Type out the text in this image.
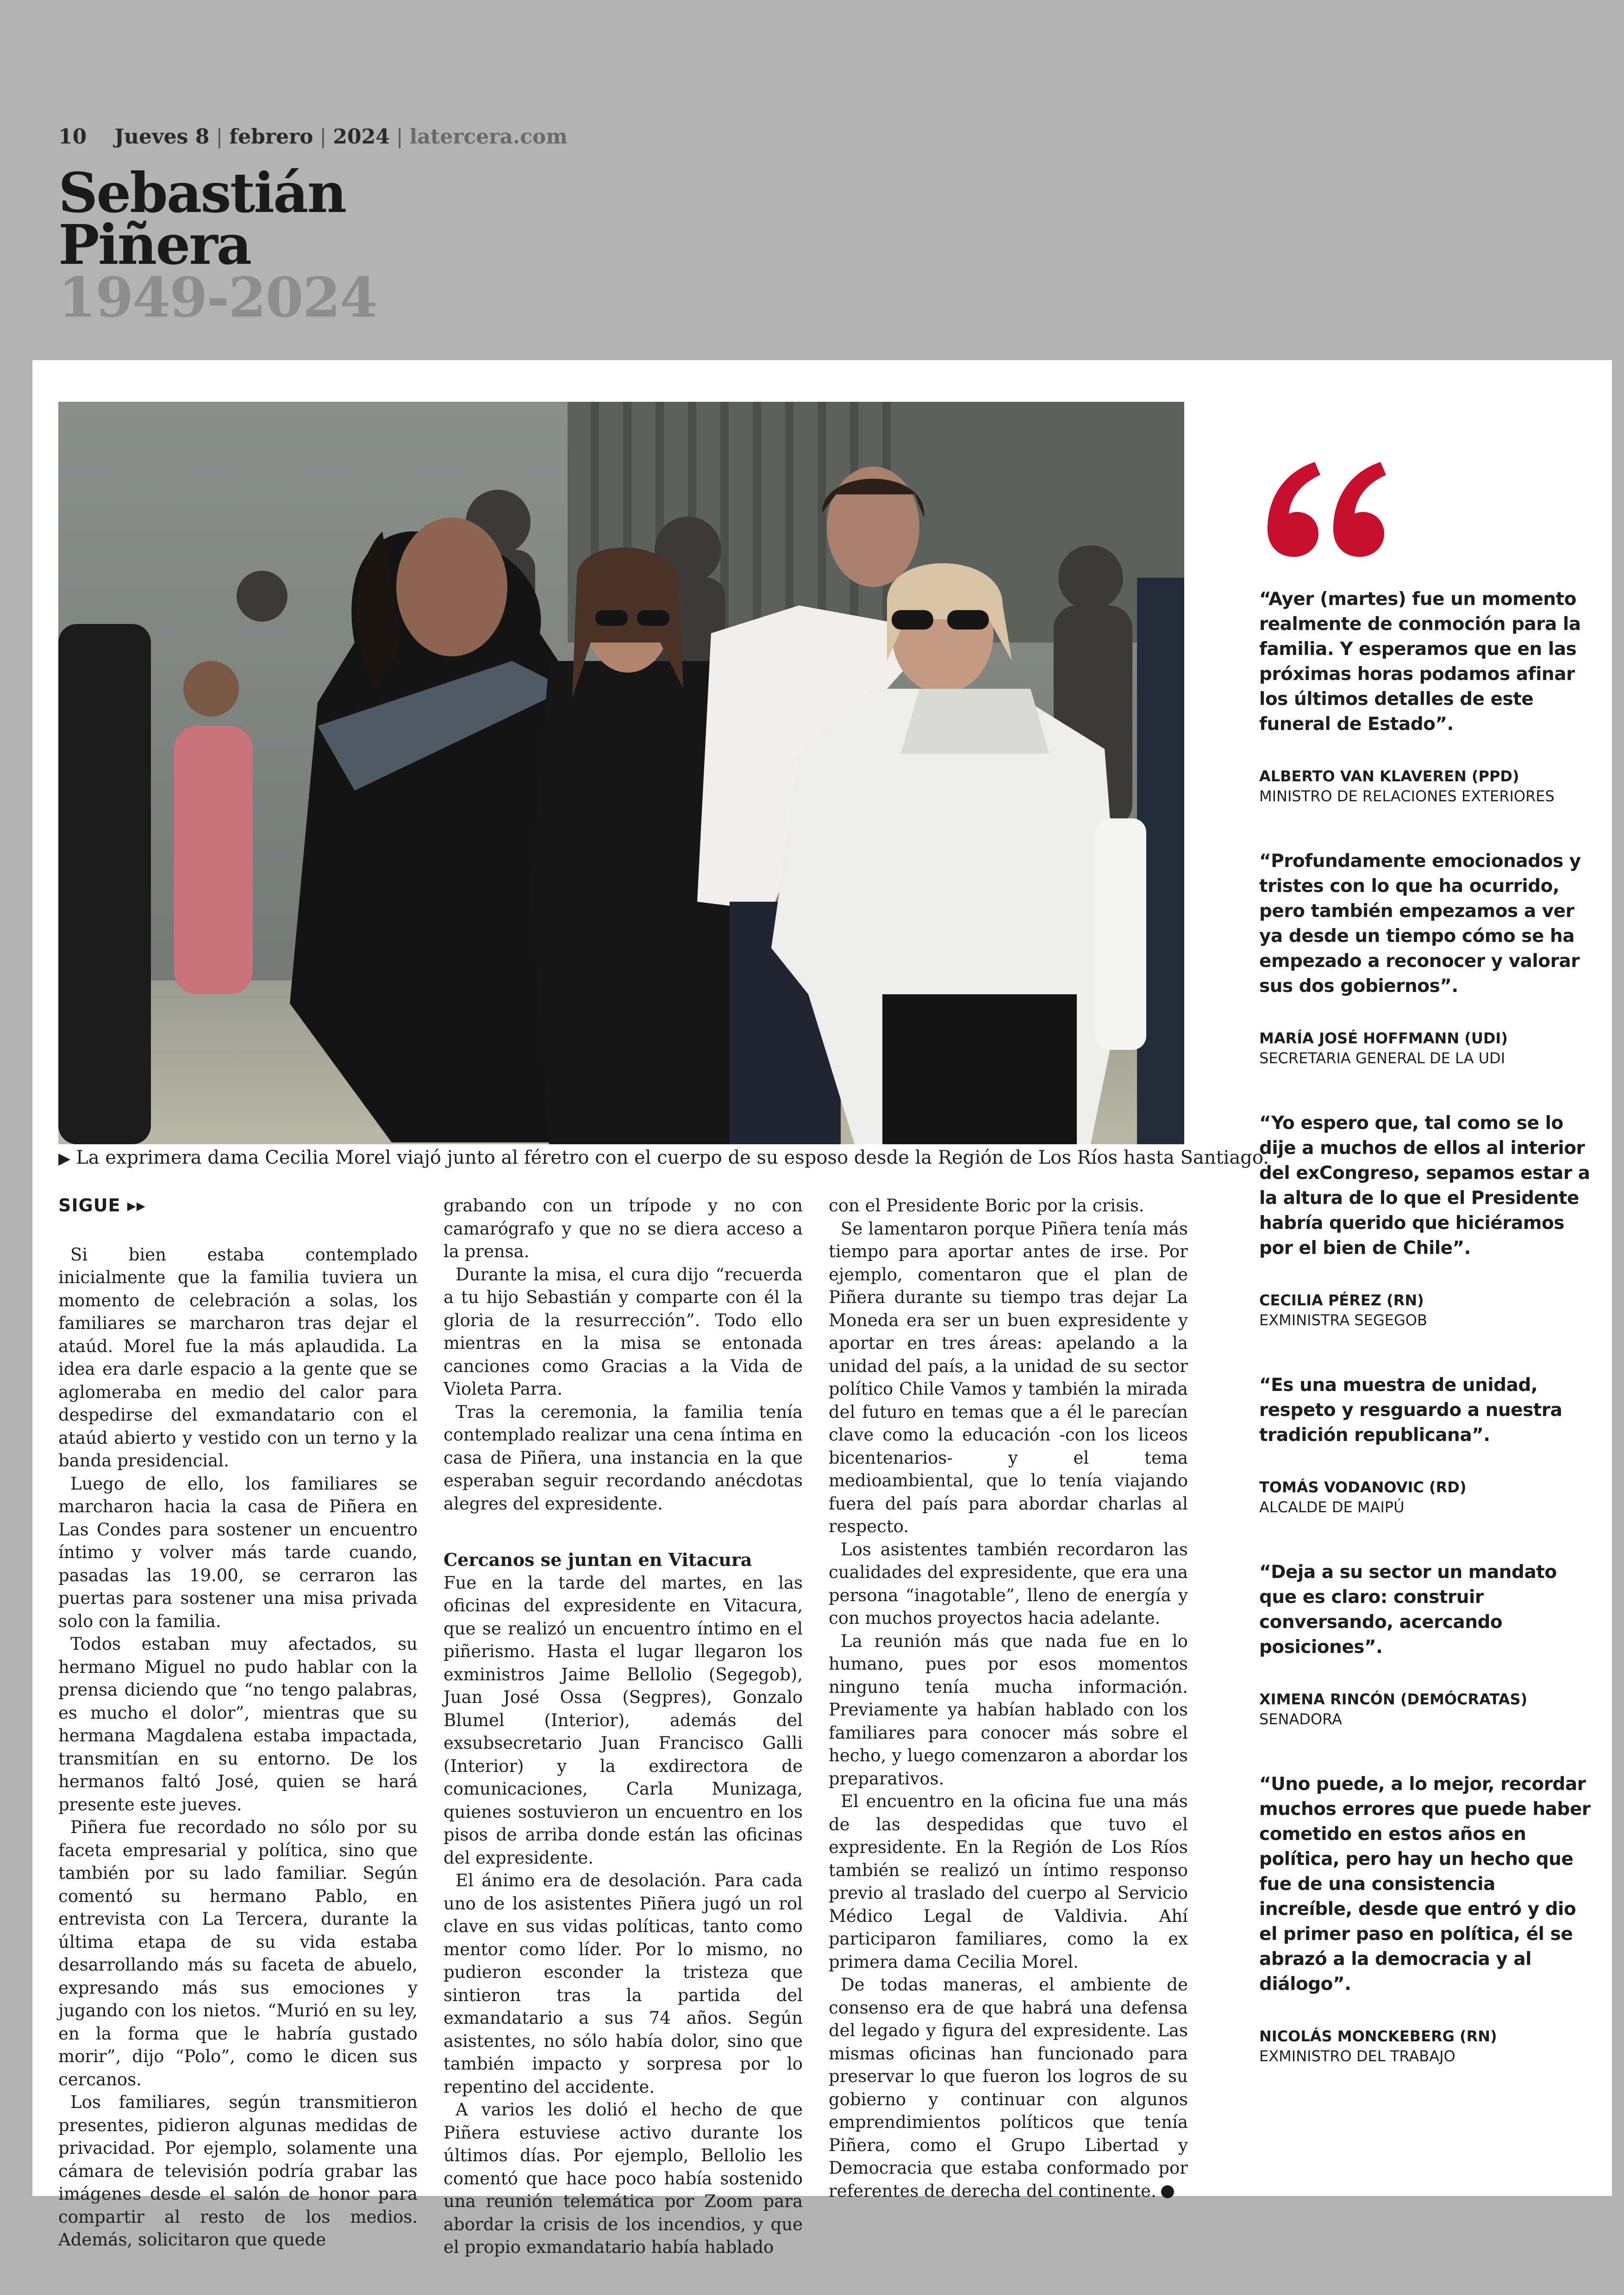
10 Jueves 8 | febrero | 2024 | latercera.com
Sebastián
Piñera
1949-2024
▶ La exprimera dama Cecilia Morel viajó junto al féretro con el cuerpo de su esposo desde la Región de Los Ríos hasta Santiago.
SIGUE ▸▸

Si bien estaba contemplado inicialmente que la familia tuviera un momento de celebración a solas, los familiares se marcharon tras dejar el ataúd. Morel fue la más aplaudida. La idea era darle espacio a la gente que se aglomeraba en medio del calor para despedirse del exmandatario con el ataúd abierto y vestido con un terno y la banda presidencial.

Luego de ello, los familiares se marcharon hacia la casa de Piñera en Las Condes para sostener un encuentro íntimo y volver más tarde cuando, pasadas las 19.00, se cerraron las puertas para sostener una misa privada solo con la familia.

Todos estaban muy afectados, su hermano Miguel no pudo hablar con la prensa diciendo que “no tengo palabras, es mucho el dolor”, mientras que su hermana Magdalena estaba impactada, transmitían en su entorno. De los hermanos faltó José, quien se hará presente este jueves.

Piñera fue recordado no sólo por su faceta empresarial y política, sino que también por su lado familiar. Según comentó su hermano Pablo, en entrevista con La Tercera, durante la última etapa de su vida estaba desarrollando más su faceta de abuelo, expresando más sus emociones y jugando con los nietos. “Murió en su ley, en la forma que le habría gustado morir”, dijo “Polo”, como le dicen sus cercanos.

Los familiares, según transmitieron presentes, pidieron algunas medidas de privacidad. Por ejemplo, solamente una cámara de televisión podría grabar las imágenes desde el salón de honor para compartir al resto de los medios. Además, solicitaron que quede

grabando con un trípode y no con camarógrafo y que no se diera acceso a la prensa.

Durante la misa, el cura dijo “recuerda a tu hijo Sebastián y comparte con él la gloria de la resurrección”. Todo ello mientras en la misa se entonada canciones como Gracias a la Vida de Violeta Parra.

Tras la ceremonia, la familia tenía contemplado realizar una cena íntima en casa de Piñera, una instancia en la que esperaban seguir recordando anécdotas alegres del expresidente.

Cercanos se juntan en Vitacura

Fue en la tarde del martes, en las oficinas del expresidente en Vitacura, que se realizó un encuentro íntimo en el piñerismo. Hasta el lugar llegaron los exministros Jaime Bellolio (Segegob), Juan José Ossa (Segpres), Gonzalo Blumel (Interior), además del exsubsecretario Juan Francisco Galli (Interior) y la exdirectora de comunicaciones, Carla Munizaga, quienes sostuvieron un encuentro en los pisos de arriba donde están las oficinas del expresidente.

El ánimo era de desolación. Para cada uno de los asistentes Piñera jugó un rol clave en sus vidas políticas, tanto como mentor como líder. Por lo mismo, no pudieron esconder la tristeza que sintieron tras la partida del exmandatario a sus 74 años. Según asistentes, no sólo había dolor, sino que también impacto y sorpresa por lo repentino del accidente.

A varios les dolió el hecho de que Piñera estuviese activo durante los últimos días. Por ejemplo, Bellolio les comentó que hace poco había sostenido una reunión telemática por Zoom para abordar la crisis de los incendios, y que el propio exmandatario había hablado

con el Presidente Boric por la crisis.

Se lamentaron porque Piñera tenía más tiempo para aportar antes de irse. Por ejemplo, comentaron que el plan de Piñera durante su tiempo tras dejar La Moneda era ser un buen expresidente y aportar en tres áreas: apelando a la unidad del país, a la unidad de su sector político Chile Vamos y también la mirada del futuro en temas que a él le parecían clave como la educación -con los liceos bicentenarios- y el tema medioambiental, que lo tenía viajando fuera del país para abordar charlas al respecto.

Los asistentes también recordaron las cualidades del expresidente, que era una persona “inagotable”, lleno de energía y con muchos proyectos hacia adelante.

La reunión más que nada fue en lo humano, pues por esos momentos ninguno tenía mucha información. Previamente ya habían hablado con los familiares para conocer más sobre el hecho, y luego comenzaron a abordar los preparativos.

El encuentro en la oficina fue una más de las despedidas que tuvo el expresidente. En la Región de Los Ríos también se realizó un íntimo responso previo al traslado del cuerpo al Servicio Médico Legal de Valdivia. Ahí participaron familiares, como la ex primera dama Cecilia Morel.

De todas maneras, el ambiente de consenso era de que habrá una defensa del legado y figura del expresidente. Las mismas oficinas han funcionado para preservar lo que fueron los logros de su gobierno y continuar con algunos emprendimientos políticos que tenía Piñera, como el Grupo Libertad y Democracia que estaba conformado por referentes de derecha del continente.

“Ayer (martes) fue un momento realmente de conmoción para la familia. Y esperamos que en las próximas horas podamos afinar los últimos detalles de este funeral de Estado”.
ALBERTO VAN KLAVEREN (PPD)
MINISTRO DE RELACIONES EXTERIORES
“Profundamente emocionados y tristes con lo que ha ocurrido, pero también empezamos a ver ya desde un tiempo cómo se ha empezado a reconocer y valorar sus dos gobiernos”.
MARÍA JOSÉ HOFFMANN (UDI)
SECRETARIA GENERAL DE LA UDI
“Yo espero que, tal como se lo dije a muchos de ellos al interior del exCongreso, sepamos estar a la altura de lo que el Presidente habría querido que hiciéramos por el bien de Chile”.
CECILIA PÉREZ (RN)
EXMINISTRA SEGEGOB
“Es una muestra de unidad, respeto y resguardo a nuestra tradición republicana”.
TOMÁS VODANOVIC (RD)
ALCALDE DE MAIPÚ
“Deja a su sector un mandato que es claro: construir conversando, acercando posiciones”.
XIMENA RINCÓN (DEMÓCRATAS)
SENADORA
“Uno puede, a lo mejor, recordar muchos errores que puede haber cometido en estos años en política, pero hay un hecho que fue de una consistencia increíble, desde que entró y dio el primer paso en política, él se abrazó a la democracia y al diálogo”.
NICOLÁS MONCKEBERG (RN)
EXMINISTRO DEL TRABAJO
